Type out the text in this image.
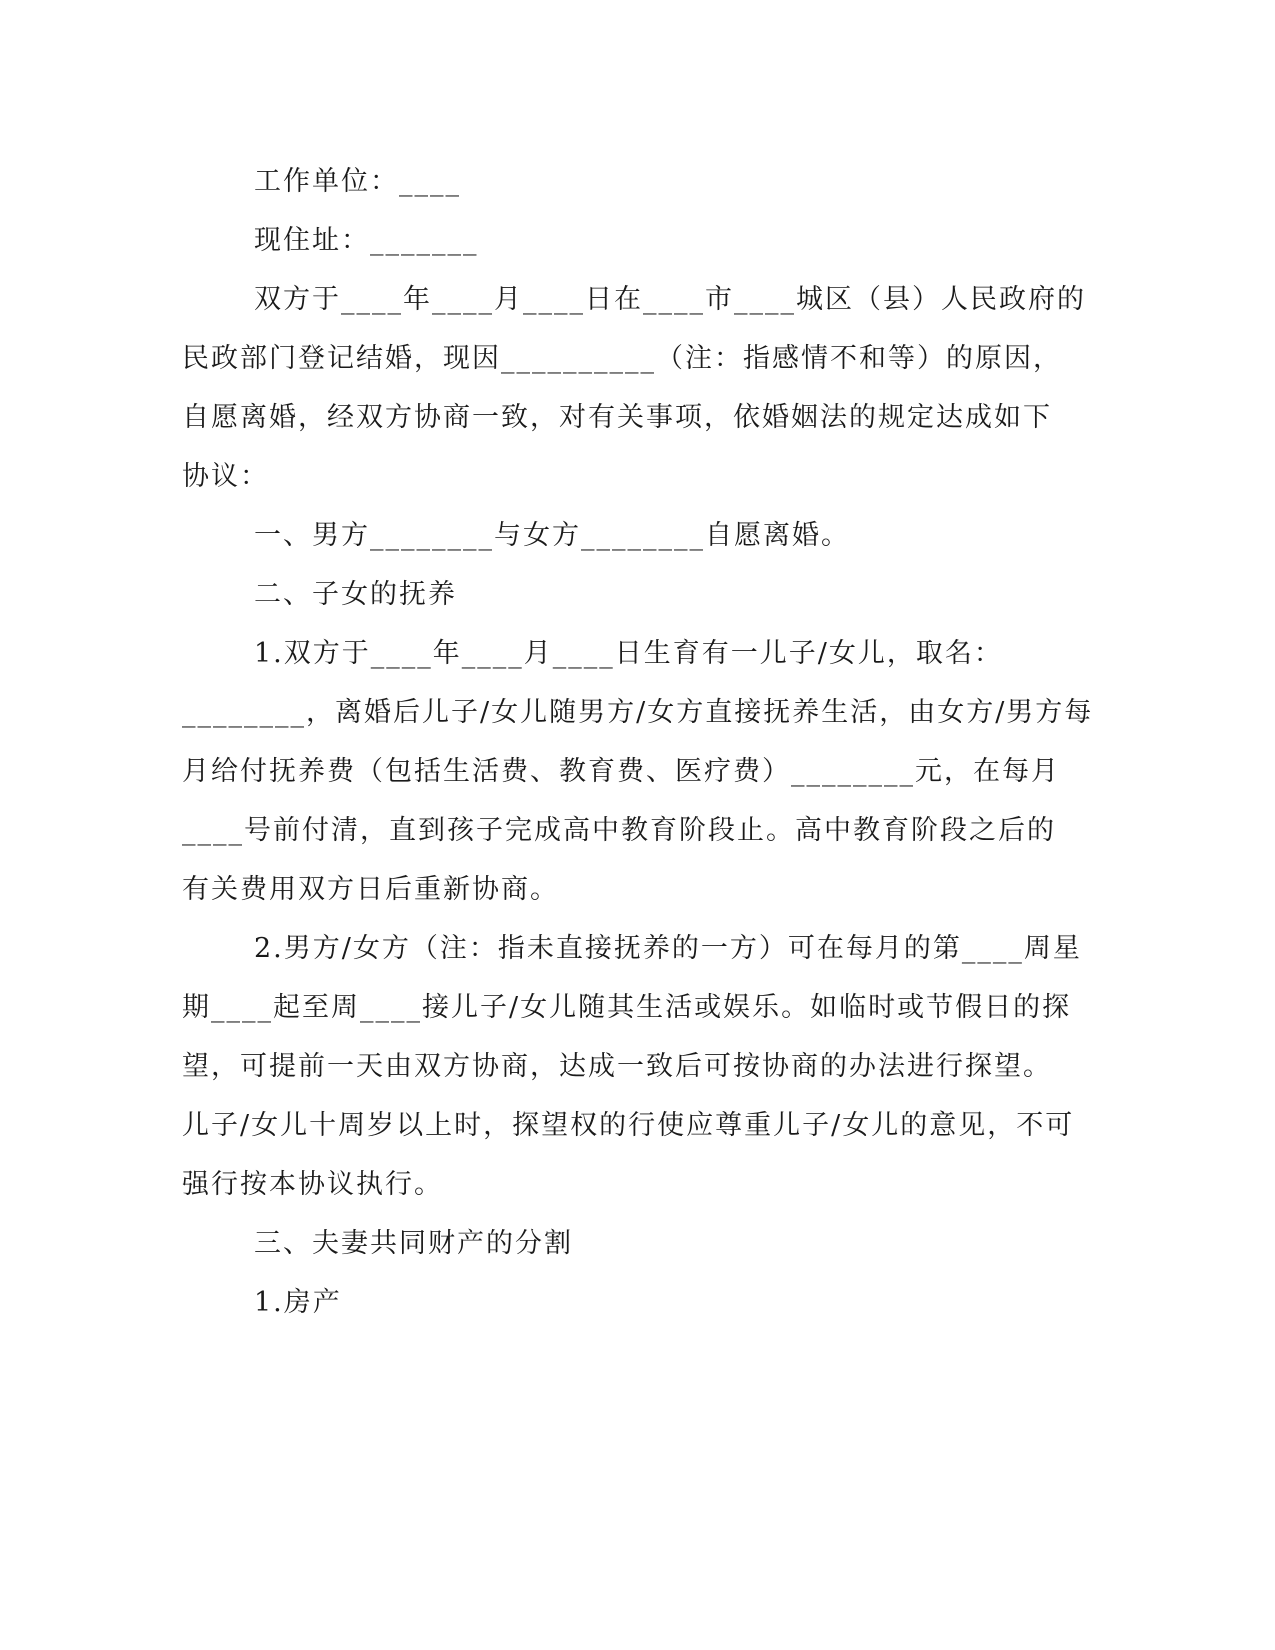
工作单位：____
现住址：_______
双方于____年____月____日在____市____城区（县）人民政府的
民政部门登记结婚，现因__________（注：指感情不和等）的原因，
自愿离婚，经双方协商一致，对有关事项，依婚姻法的规定达成如下
协议：
一、男方________与女方________自愿离婚。
二、子女的抚养
1.双方于____年____月____日生育有一儿子/女儿，取名：
________，离婚后儿子/女儿随男方/女方直接抚养生活，由女方/男方每
月给付抚养费（包括生活费、教育费、医疗费）________元，在每月
____号前付清，直到孩子完成高中教育阶段止。高中教育阶段之后的
有关费用双方日后重新协商。
2.男方/女方（注：指未直接抚养的一方）可在每月的第____周星
期____起至周____接儿子/女儿随其生活或娱乐。如临时或节假日的探
望，可提前一天由双方协商，达成一致后可按协商的办法进行探望。
儿子/女儿十周岁以上时，探望权的行使应尊重儿子/女儿的意见，不可
强行按本协议执行。
三、夫妻共同财产的分割
1.房产
